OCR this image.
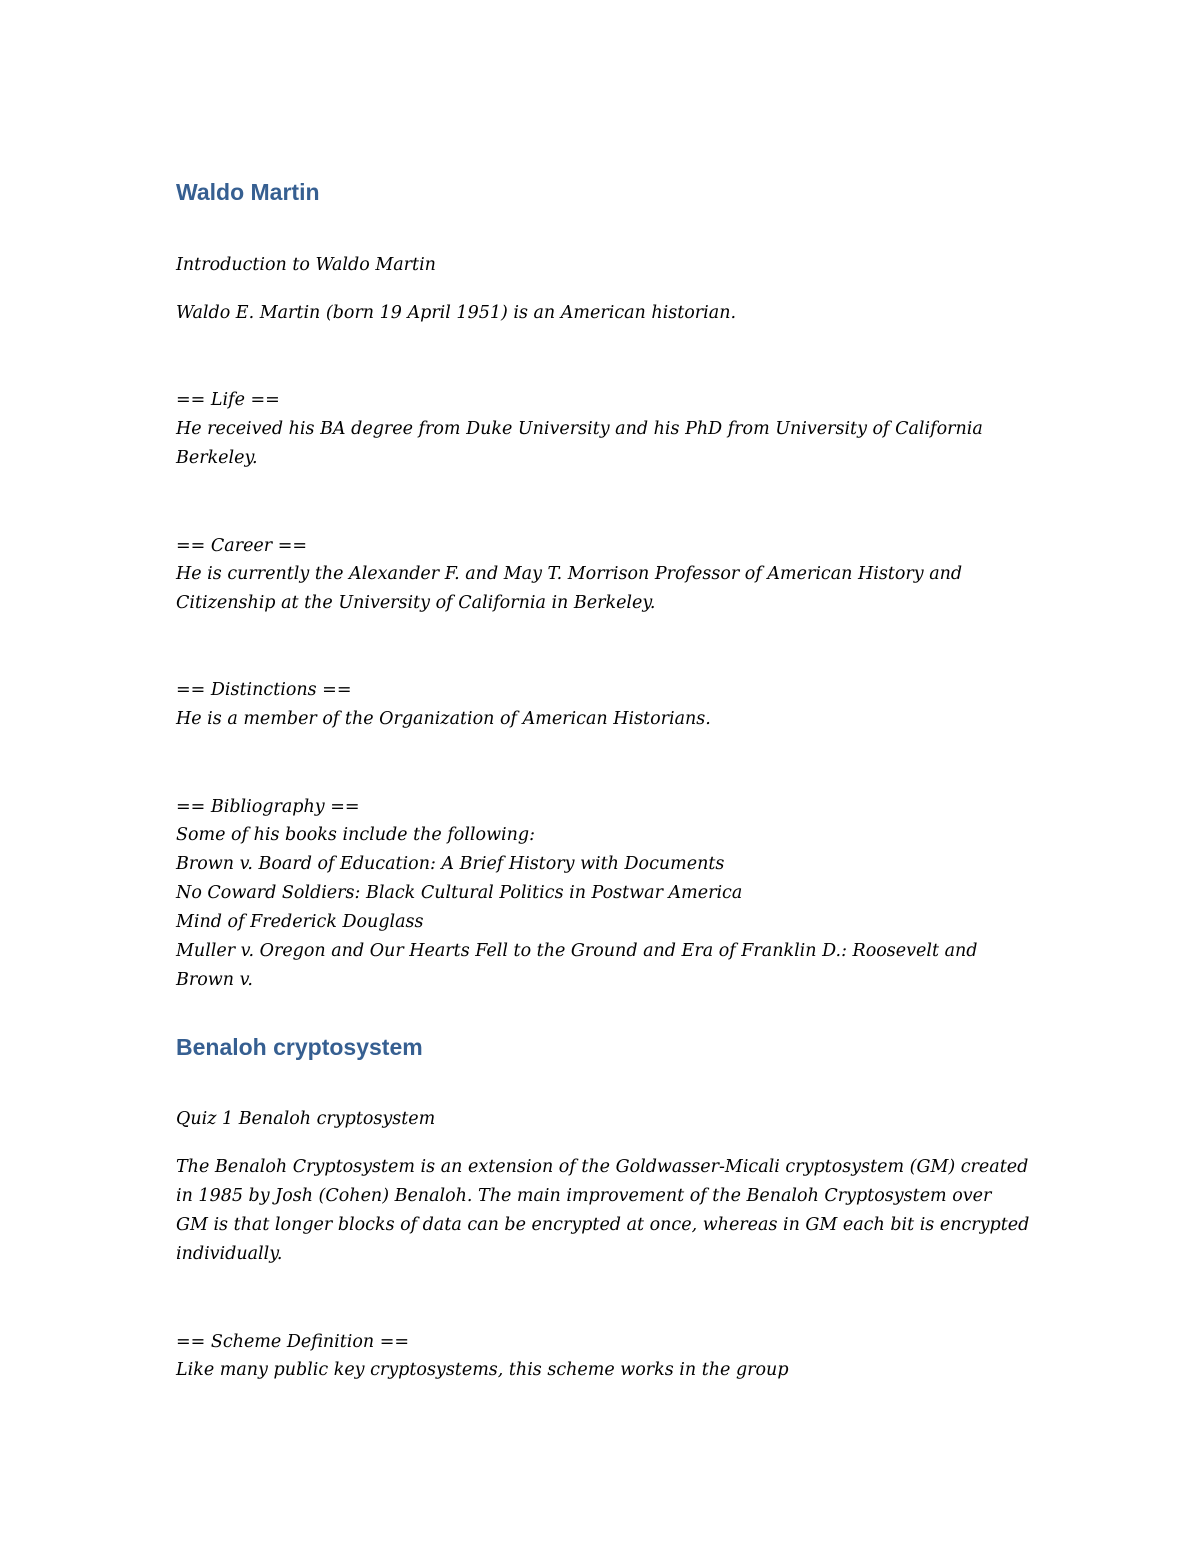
Waldo Martin

Introduction to Waldo Martin

Waldo E. Martin (born 19 April 1951) is an American historian.

== Life ==

He received his BA degree from Duke University and his PhD from University of California

Berkeley.

== Career ==

He is currently the Alexander F. and May T. Morrison Professor of American History and

Citizenship at the University of California in Berkeley.

== Distinctions ==

He is a member of the Organization of American Historians.

== Bibliography ==

Some of his books include the following:

Brown v. Board of Education: A Brief History with Documents

No Coward Soldiers: Black Cultural Politics in Postwar America

Mind of Frederick Douglass

Muller v. Oregon and Our Hearts Fell to the Ground and Era of Franklin D.: Roosevelt and

Brown v.

Benaloh cryptosystem

Quiz 1 Benaloh cryptosystem

The Benaloh Cryptosystem is an extension of the Goldwasser-Micali cryptosystem (GM) created

in 1985 by Josh (Cohen) Benaloh. The main improvement of the Benaloh Cryptosystem over

GM is that longer blocks of data can be encrypted at once, whereas in GM each bit is encrypted

individually.

== Scheme Definition ==

Like many public key cryptosystems, this scheme works in the group
